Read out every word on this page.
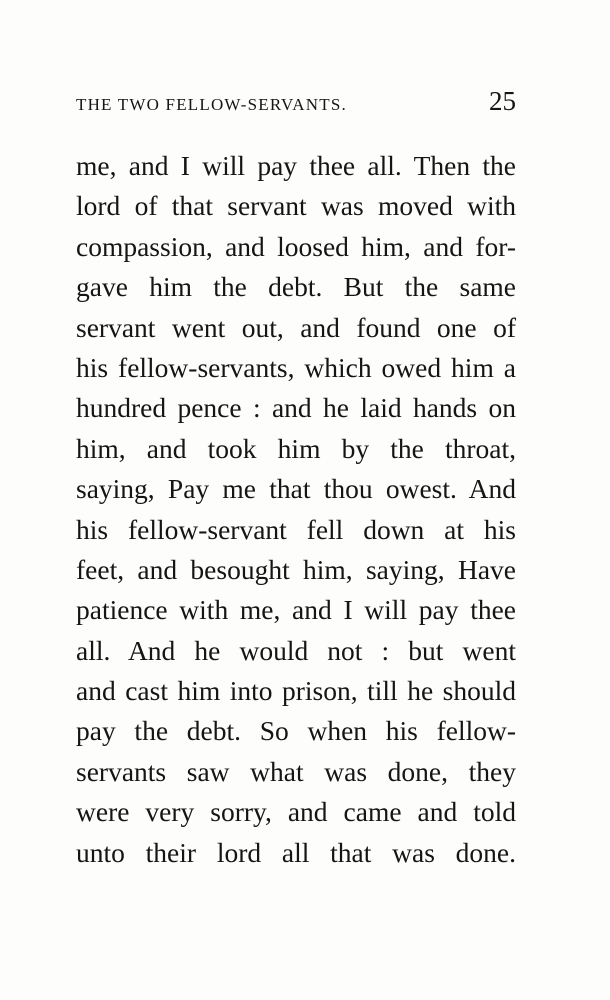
THE TWO FELLOW-SERVANTS.	25
me, and I will pay thee all. Then the
lord of that servant was moved with
compassion, and loosed him, and for-
gave him the debt. But the same
servant went out, and found one of
his fellow-servants, which owed him a
hundred pence : and he laid hands on
him, and took him by the throat,
saying, Pay me that thou owest. And
his fellow-servant fell down at his
feet, and besought him, saying, Have
patience with me, and I will pay thee
all. And he would not : but went
and cast him into prison, till he should
pay the debt. So when his fellow-
servants saw what was done, they
were very sorry, and came and told
unto their lord all that was done.
